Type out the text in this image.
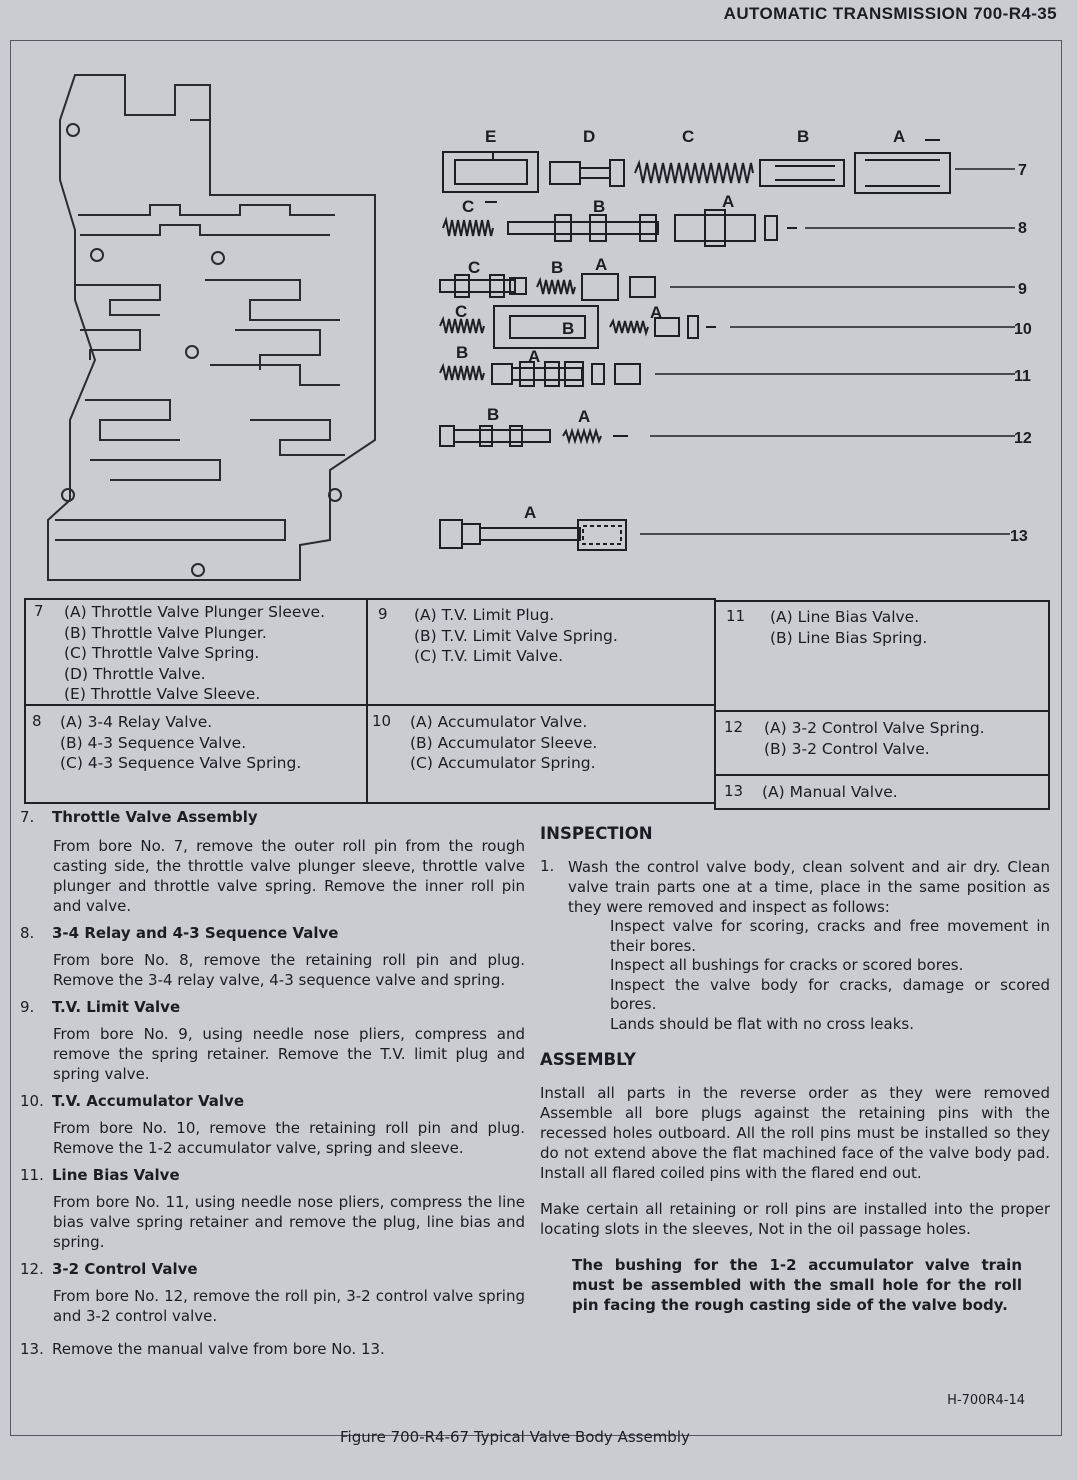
AUTOMATIC TRANSMISSION 700-R4-35
E	D	C	B	A
C	B	A
C	B A
C
B
A
B	A
B	A
A
7
8
9
10
11
12
13
7 (A) Throttle Valve Plunger Sleeve.
(B) Throttle Valve Plunger.
(C) Throttle Valve Spring.
(D) Throttle Valve.
(E) Throttle Valve Sleeve.
9 (A) T.V. Limit Plug.
(B) T.V. Limit Valve Spring.
(C) T.V. Limit Valve.
11 (A) Line Bias Valve.
(B) Line Bias Spring.
8 (A) 3-4 Relay Valve.
(B) 4-3 Sequence Valve.
(C) 4-3 Sequence Valve Spring.
10 (A) Accumulator Valve.
(B) Accumulator Sleeve.
(C) Accumulator Spring.
12 (A) 3-2 Control Valve Spring.
(B) 3-2 Control Valve.
13 (A) Manual Valve.

7. Throttle Valve Assembly

From bore No. 7, remove the outer roll pin from the rough casting side, the throttle valve plunger sleeve, throttle valve plunger and throttle valve spring. Remove the inner roll pin and valve.

8. 3-4 Relay and 4-3 Sequence Valve

From bore No. 8, remove the retaining roll pin and plug. Remove the 3-4 relay valve, 4-3 sequence valve and spring.

9. T.V. Limit Valve

From bore No. 9, using needle nose pliers, compress and remove the spring retainer. Remove the T.V. limit plug and spring valve.

10. T.V. Accumulator Valve

From bore No. 10, remove the retaining roll pin and plug. Remove the 1-2 accumulator valve, spring and sleeve.

11. Line Bias Valve

From bore No. 11, using needle nose pliers, compress the line bias valve spring retainer and remove the plug, line bias and spring.

12. 3-2 Control Valve

From bore No. 12, remove the roll pin, 3-2 control valve spring and 3-2 control valve.

13. Remove the manual valve from bore No. 13.

INSPECTION

1. Wash the control valve body, clean solvent and air dry. Clean valve train parts one at a time, place in the same position as they were removed and inspect as follows:

Inspect valve for scoring, cracks and free movement in their bores.

Inspect all bushings for cracks or scored bores.

Inspect the valve body for cracks, damage or scored bores.

Lands should be flat with no cross leaks.

ASSEMBLY

Install all parts in the reverse order as they were removed Assemble all bore plugs against the retaining pins with the recessed holes outboard. All the roll pins must be installed so they do not extend above the flat machined face of the valve body pad. Install all flared coiled pins with the flared end out.

Make certain all retaining or roll pins are installed into the proper locating slots in the sleeves, Not in the oil passage holes.

The bushing for the 1-2 accumulator valve train must be assembled with the small hole for the roll pin facing the rough casting side of the valve body.

H-700R4-14
Figure 700-R4-67 Typical Valve Body Assembly
